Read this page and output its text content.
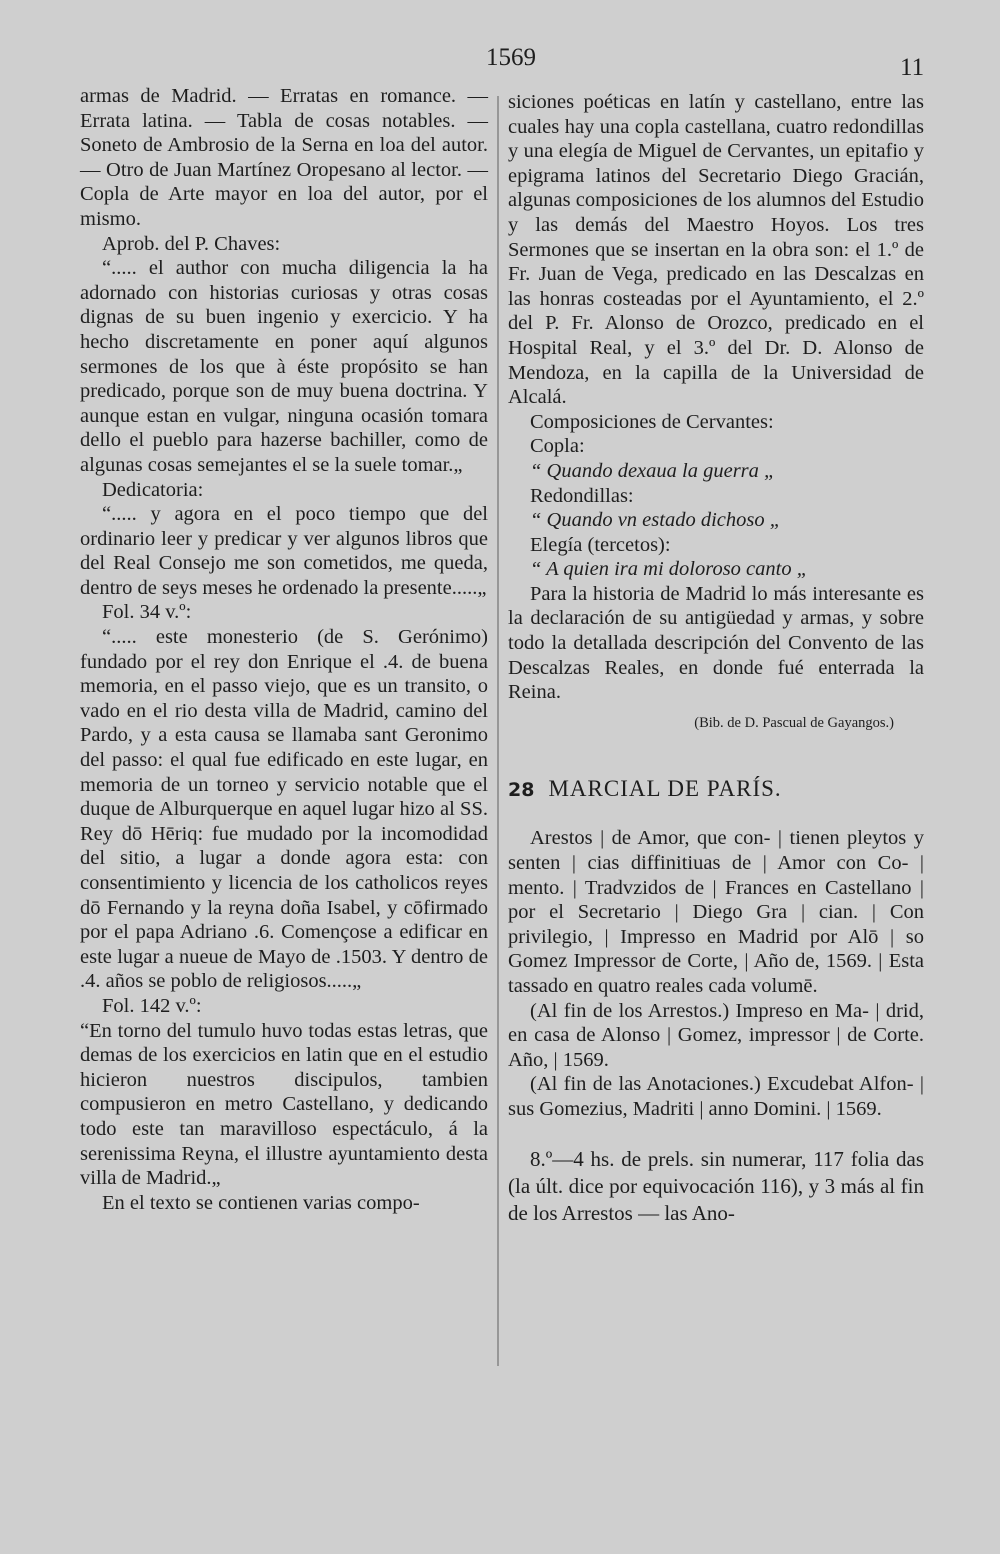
1569	11

armas de Madrid. — Erratas en romance. — Errata latina. — Tabla de cosas notables. — Soneto de Ambrosio de la Serna en loa del autor. — Otro de Juan Martínez Oropesano al lector. — Copla de Arte mayor en loa del autor, por el mismo.

Aprob. del P. Chaves:

“..... el author con mucha diligencia la ha adornado con historias curiosas y otras cosas dignas de su buen ingenio y exercicio. Y ha hecho discretamente en poner aquí algunos sermones de los que à éste propósito se han predicado, porque son de muy buena doctrina. Y aunque estan en vulgar, ninguna ocasión tomara dello el pueblo para hazerse bachiller, como de algunas cosas semejantes el se la suele tomar.„

Dedicatoria:

“..... y agora en el poco tiempo que del ordinario leer y predicar y ver algunos libros que del Real Consejo me son cometidos, me queda, dentro de seys meses he ordenado la presente.....„

Fol. 34 v.º:

“..... este monesterio (de S. Gerónimo) fundado por el rey don Enrique el .4. de buena memoria, en el passo viejo, que es un transito, o vado en el rio desta villa de Madrid, camino del Pardo, y a esta causa se llamaba sant Geronimo del passo: el qual fue edificado en este lugar, en memoria de un torneo y servicio notable que el duque de Alburquerque en aquel lugar hizo al SS. Rey dō Hēriq: fue mudado por la incomodidad del sitio, a lugar a donde agora esta: con consentimiento y licencia de los catholicos reyes dō Fernando y la reyna doña Isabel, y cōfirmado por el papa Adriano .6. Començose a edificar en este lugar a nueue de Mayo de .1503. Y dentro de .4. años se poblo de religiosos.....„

Fol. 142 v.º:

“En torno del tumulo huvo todas estas letras, que demas de los exercicios en latin que en el estudio hicieron nuestros discipulos, tambien compusieron en metro Castellano, y dedicando todo este tan maravilloso espectáculo, á la serenissima Reyna, el illustre ayuntamiento desta villa de Madrid.„

En el texto se contienen varias compo-

siciones poéticas en latín y castellano, entre las cuales hay una copla castellana, cuatro redondillas y una elegía de Miguel de Cervantes, un epitafio y epigrama latinos del Secretario Diego Gracián, algunas composiciones de los alumnos del Estudio y las demás del Maestro Hoyos. Los tres Sermones que se insertan en la obra son: el 1.º de Fr. Juan de Vega, predicado en las Descalzas en las honras costeadas por el Ayuntamiento, el 2.º del P. Fr. Alonso de Orozco, predicado en el Hospital Real, y el 3.º del Dr. D. Alonso de Mendoza, en la capilla de la Universidad de Alcalá.

Composiciones de Cervantes:

Copla:

“ Quando dexaua la guerra „

Redondillas:

“ Quando vn estado dichoso „

Elegía (tercetos):

“ A quien ira mi doloroso canto „

Para la historia de Madrid lo más interesante es la declaración de su antigüedad y armas, y sobre todo la detallada descripción del Convento de las Descalzas Reales, en donde fué enterrada la Reina.

(Bib. de D. Pascual de Gayangos.)

28 MARCIAL DE PARÍS.

Arestos | de Amor, que con- | tienen pleytos y senten | cias diffinitiuas de | Amor con Co- | mento. | Tradvzidos de | Frances en Castellano | por el Secretario | Diego Gra | cian. | Con privilegio, | Impresso en Madrid por Alō | so Gomez Impressor de Corte, | Año de, 1569. | Esta tassado en quatro reales cada volumē.

(Al fin de los Arrestos.) Impreso en Ma- | drid, en casa de Alonso | Gomez, impressor | de Corte. Año, | 1569.

(Al fin de las Anotaciones.) Excudebat Alfon- | sus Gomezius, Madriti | anno Domini. | 1569.

8.º—4 hs. de prels. sin numerar, 117 folia das (la últ. dice por equivocación 116), y 3 más al fin de los Arrestos — las Ano-
